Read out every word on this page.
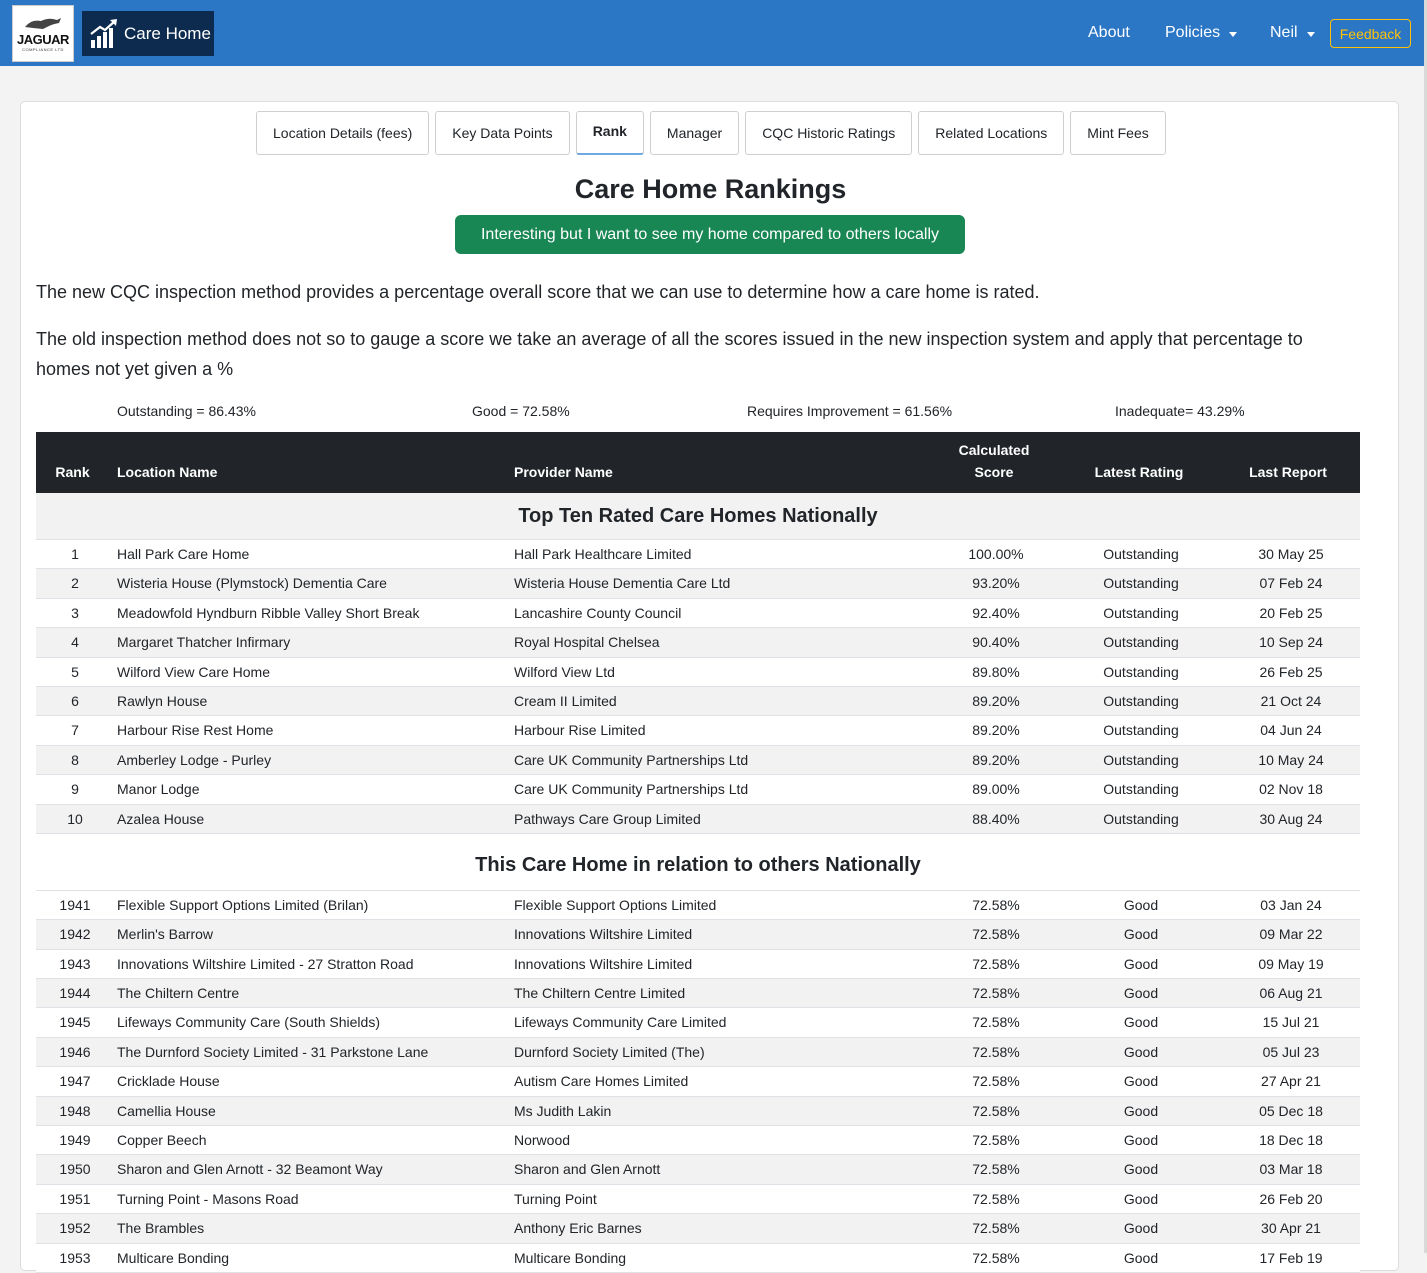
JAGUAR
COMPLIANCE LTD
Care Home	About Policies	Neil	Feedback
Location Details (fees)	Key Data Points	Rank	Manager	CQC Historic Ratings	Related Locations	Mint Fees
Care Home Rankings
Interesting but I want to see my home compared to others locally
The new CQC inspection method provides a percentage overall score that we can use to determine how a care home is rated.
The old inspection method does not so to gauge a score we take an average of all the scores issued in the new inspection system and apply that percentage to homes not yet given a %
Outstanding = 86.43%	Good = 72.58%	Requires Improvement = 61.56%	Inadequate= 43.29%
Rank	Location Name	Provider Name
Calculated
Score	Latest Rating	Last Report
Top Ten Rated Care Homes Nationally
1	Hall Park Care Home	Hall Park Healthcare Limited	100.00%	Outstanding	30 May 25
2	Wisteria House (Plymstock) Dementia Care	Wisteria House Dementia Care Ltd	93.20%	Outstanding	07 Feb 24
3	Meadowfold Hyndburn Ribble Valley Short Break	Lancashire County Council	92.40%	Outstanding	20 Feb 25
4	Margaret Thatcher Infirmary	Royal Hospital Chelsea	90.40%	Outstanding	10 Sep 24
5	Wilford View Care Home	Wilford View Ltd	89.80%	Outstanding	26 Feb 25
6	Rawlyn House	Cream II Limited	89.20%	Outstanding	21 Oct 24
7	Harbour Rise Rest Home	Harbour Rise Limited	89.20%	Outstanding	04 Jun 24
8	Amberley Lodge - Purley	Care UK Community Partnerships Ltd	89.20%	Outstanding	10 May 24
9	Manor Lodge	Care UK Community Partnerships Ltd	89.00%	Outstanding	02 Nov 18
10	Azalea House	Pathways Care Group Limited	88.40%	Outstanding	30 Aug 24
This Care Home in relation to others Nationally
1941	Flexible Support Options Limited (Brilan)	Flexible Support Options Limited	72.58%	Good	03 Jan 24
1942	Merlin's Barrow	Innovations Wiltshire Limited	72.58%	Good	09 Mar 22
1943	Innovations Wiltshire Limited - 27 Stratton Road	Innovations Wiltshire Limited	72.58%	Good	09 May 19
1944	The Chiltern Centre	The Chiltern Centre Limited	72.58%	Good	06 Aug 21
1945	Lifeways Community Care (South Shields)	Lifeways Community Care Limited	72.58%	Good	15 Jul 21
1946	The Durnford Society Limited - 31 Parkstone Lane	Durnford Society Limited (The)	72.58%	Good	05 Jul 23
1947	Cricklade House	Autism Care Homes Limited	72.58%	Good	27 Apr 21
1948	Camellia House	Ms Judith Lakin	72.58%	Good	05 Dec 18
1949	Copper Beech	Norwood	72.58%	Good	18 Dec 18
1950	Sharon and Glen Arnott - 32 Beamont Way	Sharon and Glen Arnott	72.58%	Good	03 Mar 18
1951	Turning Point - Masons Road	Turning Point	72.58%	Good	26 Feb 20
1952	The Brambles	Anthony Eric Barnes	72.58%	Good	30 Apr 21
1953	Multicare Bonding	Multicare Bonding	72.58%	Good	17 Feb 19
